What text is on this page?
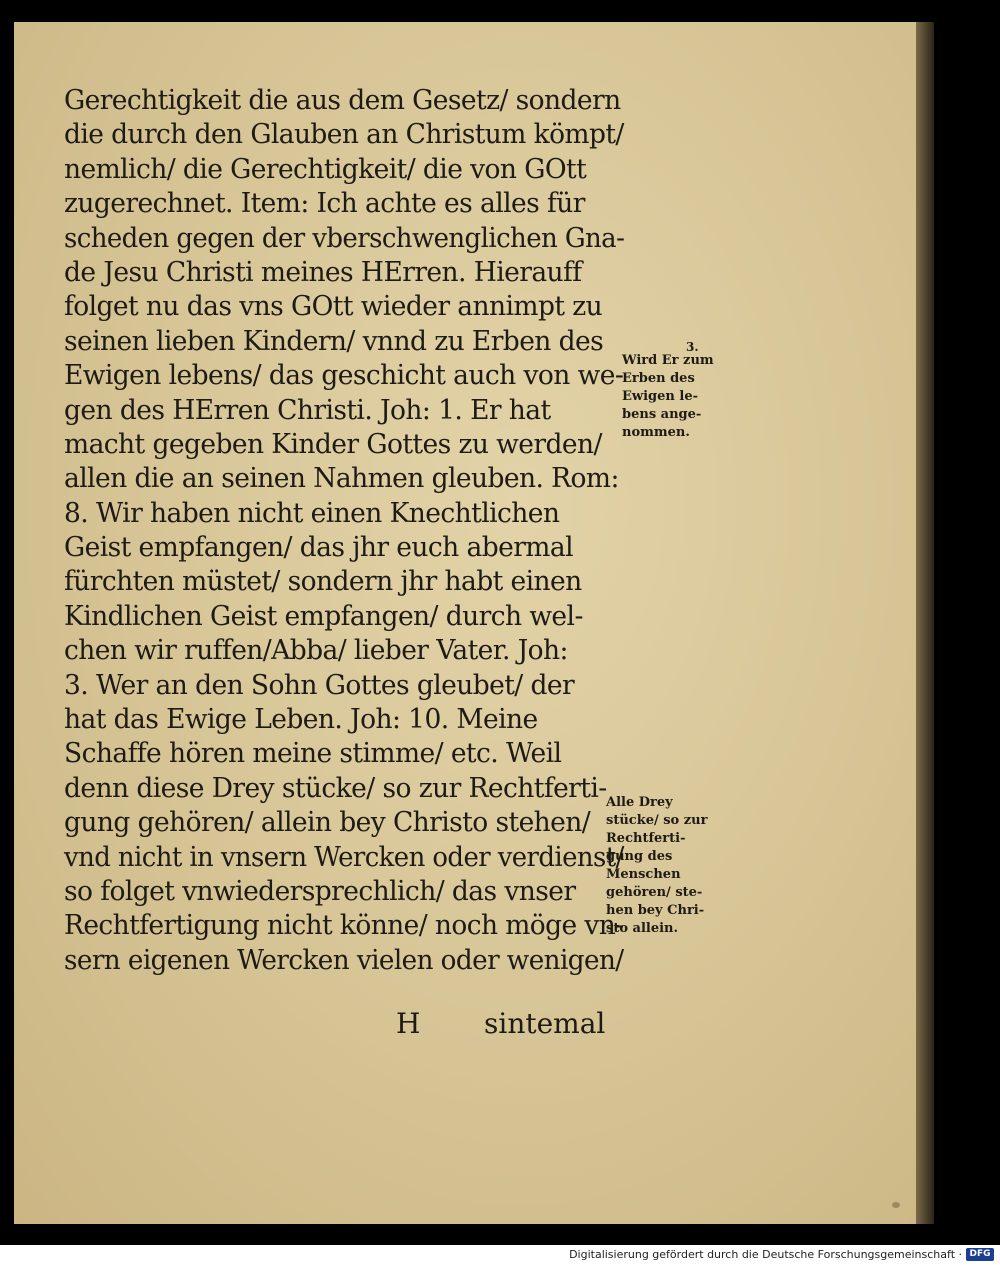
Gerechtigkeit die aus dem Gesetz/ sondern
die durch den Glauben an Christum kömpt/
nemlich/ die Gerechtigkeit/ die von GOtt
zugerechnet. Item: Ich achte es alles für
scheden gegen der vberschwenglichen Gna-
de Jesu Christi meines HErren. Hierauff
folget nu das vns GOtt wieder annimpt zu
seinen lieben Kindern/ vnnd zu Erben des
Ewigen lebens/ das geschicht auch von we-
gen des HErren Christi. Joh: 1. Er hat
macht gegeben Kinder Gottes zu werden/
allen die an seinen Nahmen gleuben. Rom:
8. Wir haben nicht einen Knechtlichen
Geist empfangen/ das jhr euch abermal
fürchten müstet/ sondern jhr habt einen
Kindlichen Geist empfangen/ durch wel-
chen wir ruffen/Abba/ lieber Vater. Joh:
3. Wer an den Sohn Gottes gleubet/ der
hat das Ewige Leben. Joh: 10. Meine
Schaffe hören meine stimme/ etc. Weil
denn diese Drey stücke/ so zur Rechtferti-
gung gehören/ allein bey Christo stehen/
vnd nicht in vnsern Wercken oder verdienst/
so folget vnwiedersprechlich/ das vnser
Rechtfertigung nicht könne/ noch möge vn-
sern eigenen Wercken vielen oder wenigen/
3.
Wird Er zum
Erben des
Ewigen le-
bens ange-
nommen.
Alle Drey
stücke/ so zur
Rechtferti-
gung des
Menschen
gehören/ ste-
hen bey Chri-
sto allein.
H sintemal
Digitalisierung gefördert durch die Deutsche Forschungsgemeinschaft · DFG
